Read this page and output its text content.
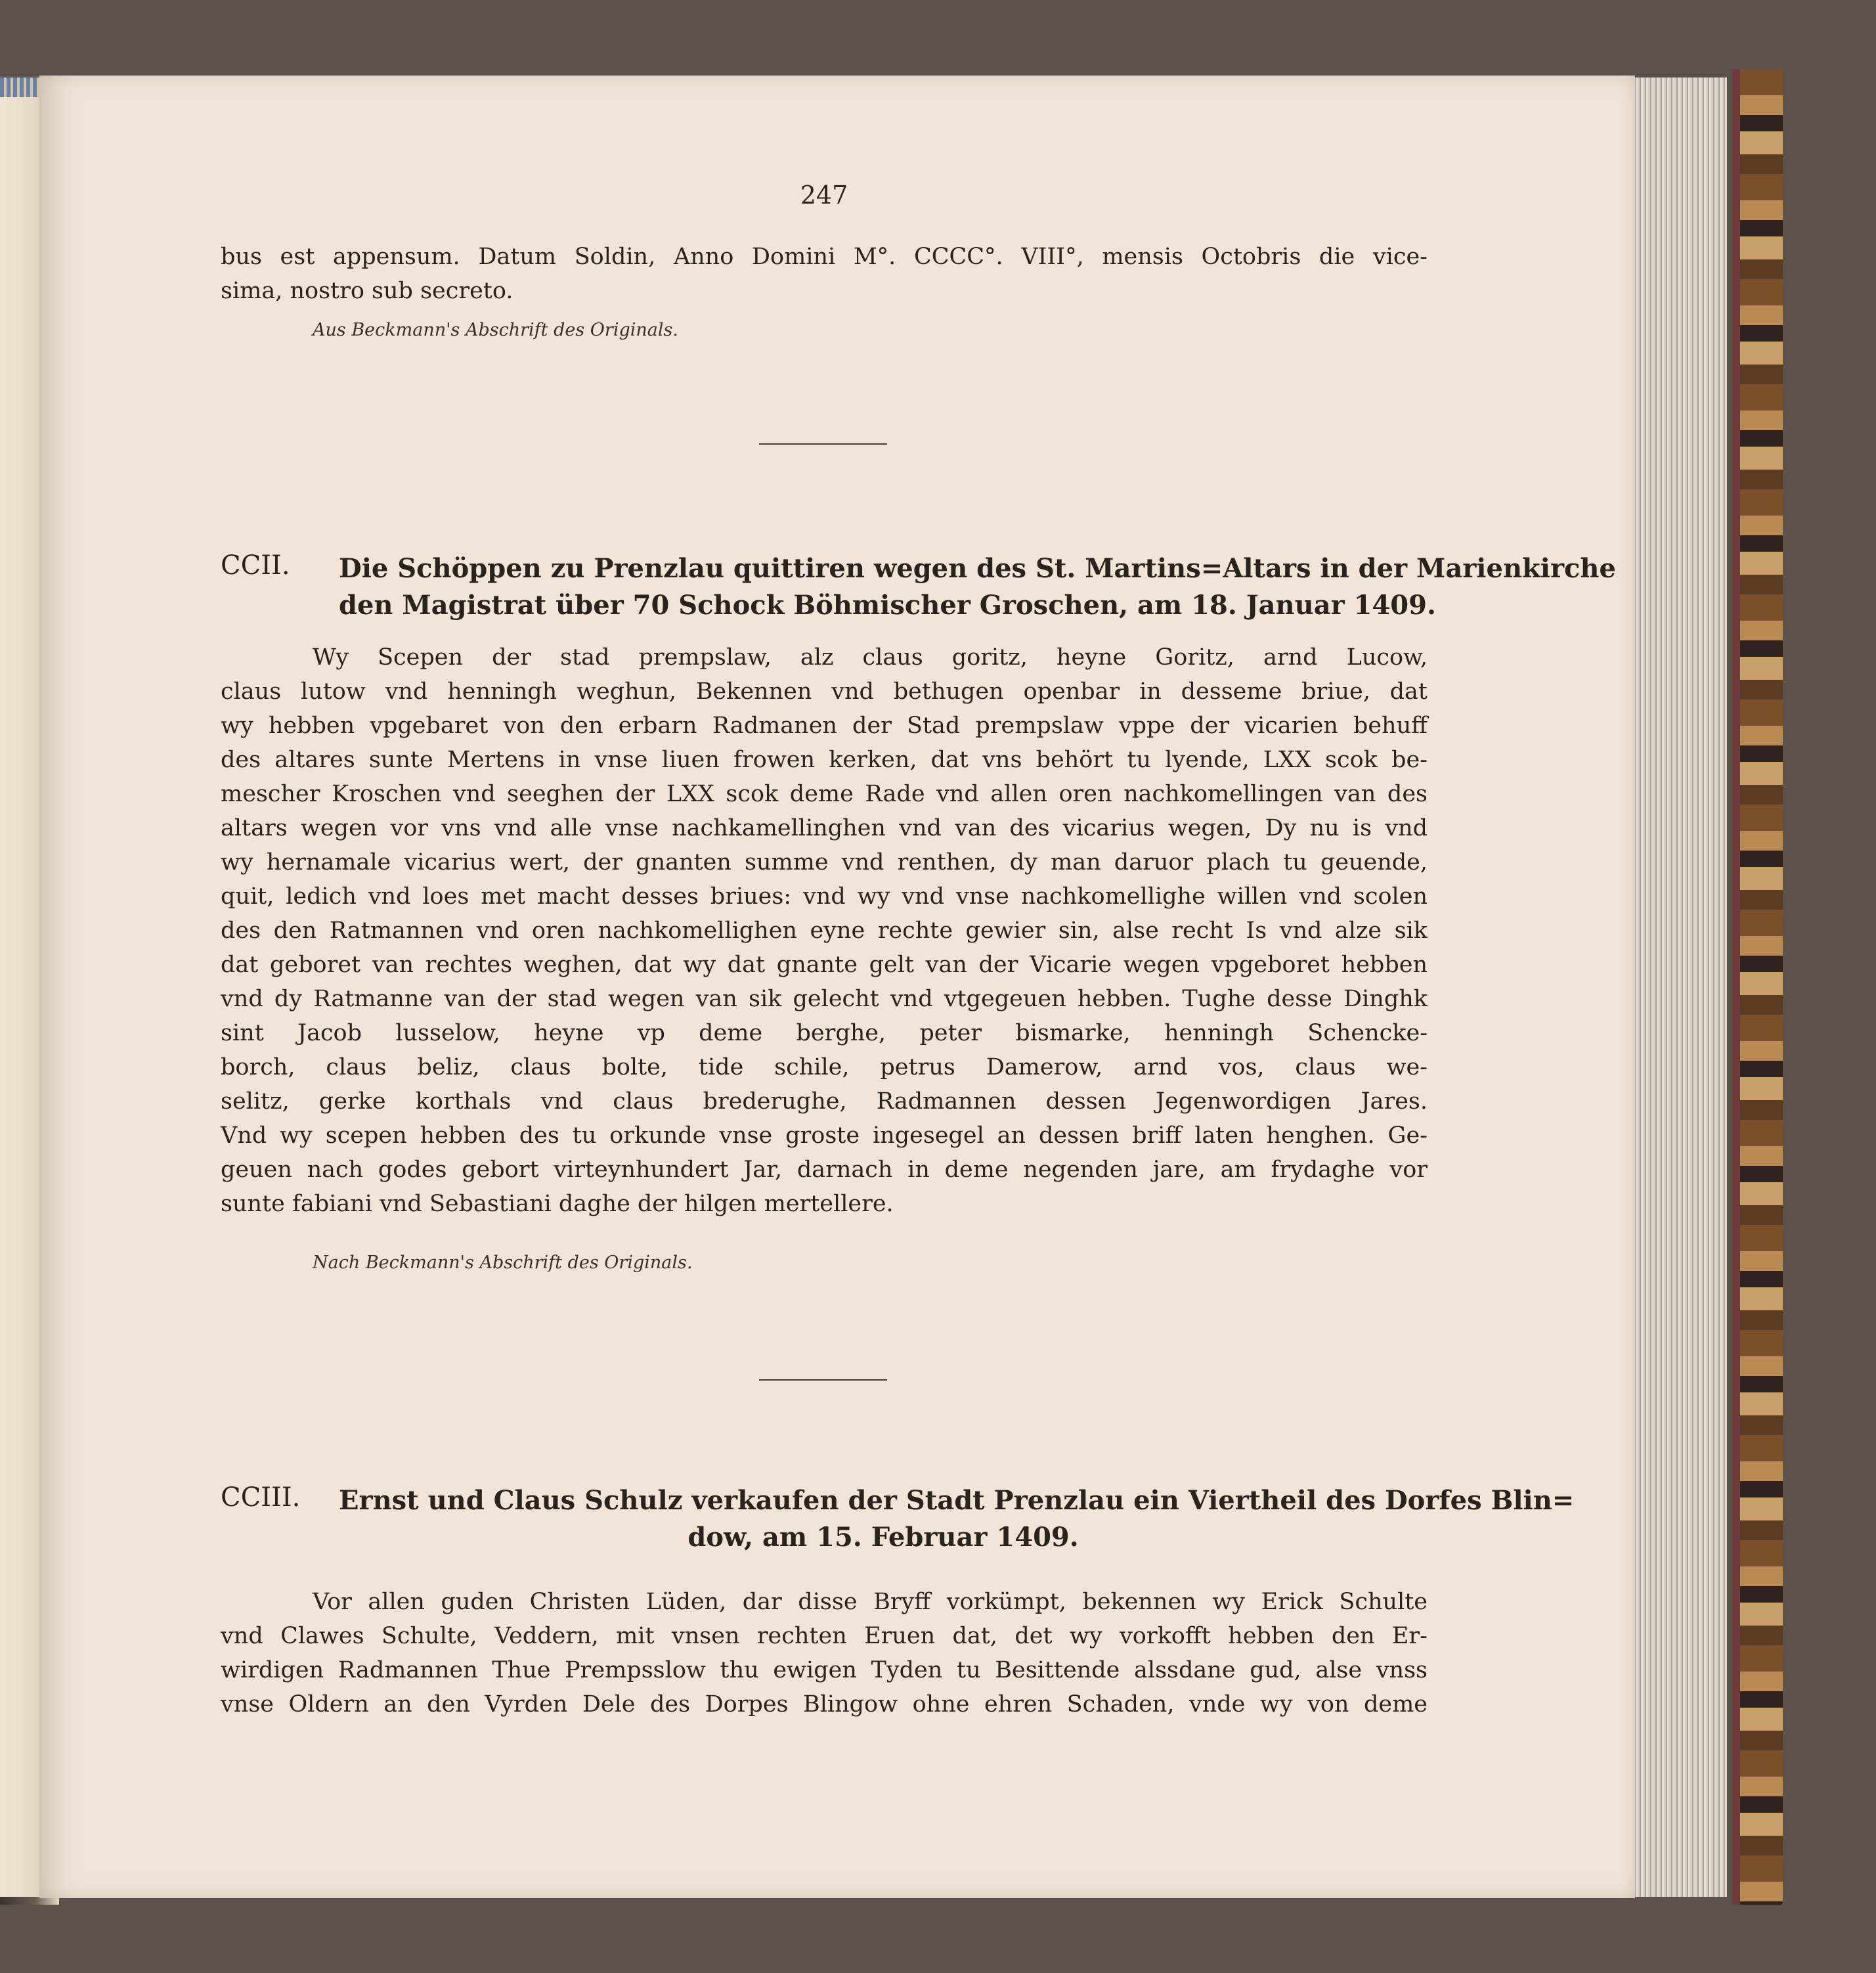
247
bus est appensum. Datum Soldin, Anno Domini M°. CCCC°. VIII°, mensis Octobris die vice-
sima, nostro sub secreto.
Aus Beckmann's Abschrift des Originals.
CCII. Die Schöppen zu Prenzlau quittiren wegen des St. Martins=Altars in der Marienkirche
den Magistrat über 70 Schock Böhmischer Groschen, am 18. Januar 1409.
Wy Scepen der stad prempslaw, alz claus goritz, heyne Goritz, arnd Lucow,
claus lutow vnd henningh weghun, Bekennen vnd bethugen openbar in desseme briue, dat
wy hebben vpgebaret von den erbarn Radmanen der Stad prempslaw vppe der vicarien behuff
des altares sunte Mertens in vnse liuen frowen kerken, dat vns behört tu lyende, LXX scok be-
mescher Kroschen vnd seeghen der LXX scok deme Rade vnd allen oren nachkomellingen van des
altars wegen vor vns vnd alle vnse nachkamellinghen vnd van des vicarius wegen, Dy nu is vnd
wy hernamale vicarius wert, der gnanten summe vnd renthen, dy man daruor plach tu geuende,
quit, ledich vnd loes met macht desses briues: vnd wy vnd vnse nachkomellighe willen vnd scolen
des den Ratmannen vnd oren nachkomellighen eyne rechte gewier sin, alse recht Is vnd alze sik
dat geboret van rechtes weghen, dat wy dat gnante gelt van der Vicarie wegen vpgeboret hebben
vnd dy Ratmanne van der stad wegen van sik gelecht vnd vtgegeuen hebben. Tughe desse Dinghk
sint Jacob lusselow, heyne vp deme berghe, peter bismarke, henningh Schencke-
borch, claus beliz, claus bolte, tide schile, petrus Damerow, arnd vos, claus we-
selitz, gerke korthals vnd claus brederughe, Radmannen dessen Jegenwordigen Jares.
Vnd wy scepen hebben des tu orkunde vnse groste ingesegel an dessen briff laten henghen. Ge-
geuen nach godes gebort virteynhundert Jar, darnach in deme negenden jare, am frydaghe vor
sunte fabiani vnd Sebastiani daghe der hilgen mertellere.
Nach Beckmann's Abschrift des Originals.
CCIII. Ernst und Claus Schulz verkaufen der Stadt Prenzlau ein Viertheil des Dorfes Blin=
dow, am 15. Februar 1409.
Vor allen guden Christen Lüden, dar disse Bryff vorkümpt, bekennen wy Erick Schulte
vnd Clawes Schulte, Veddern, mit vnsen rechten Eruen dat, det wy vorkofft hebben den Er-
wirdigen Radmannen Thue Prempsslow thu ewigen Tyden tu Besittende alssdane gud, alse vnss
vnse Oldern an den Vyrden Dele des Dorpes Blingow ohne ehren Schaden, vnde wy von deme
